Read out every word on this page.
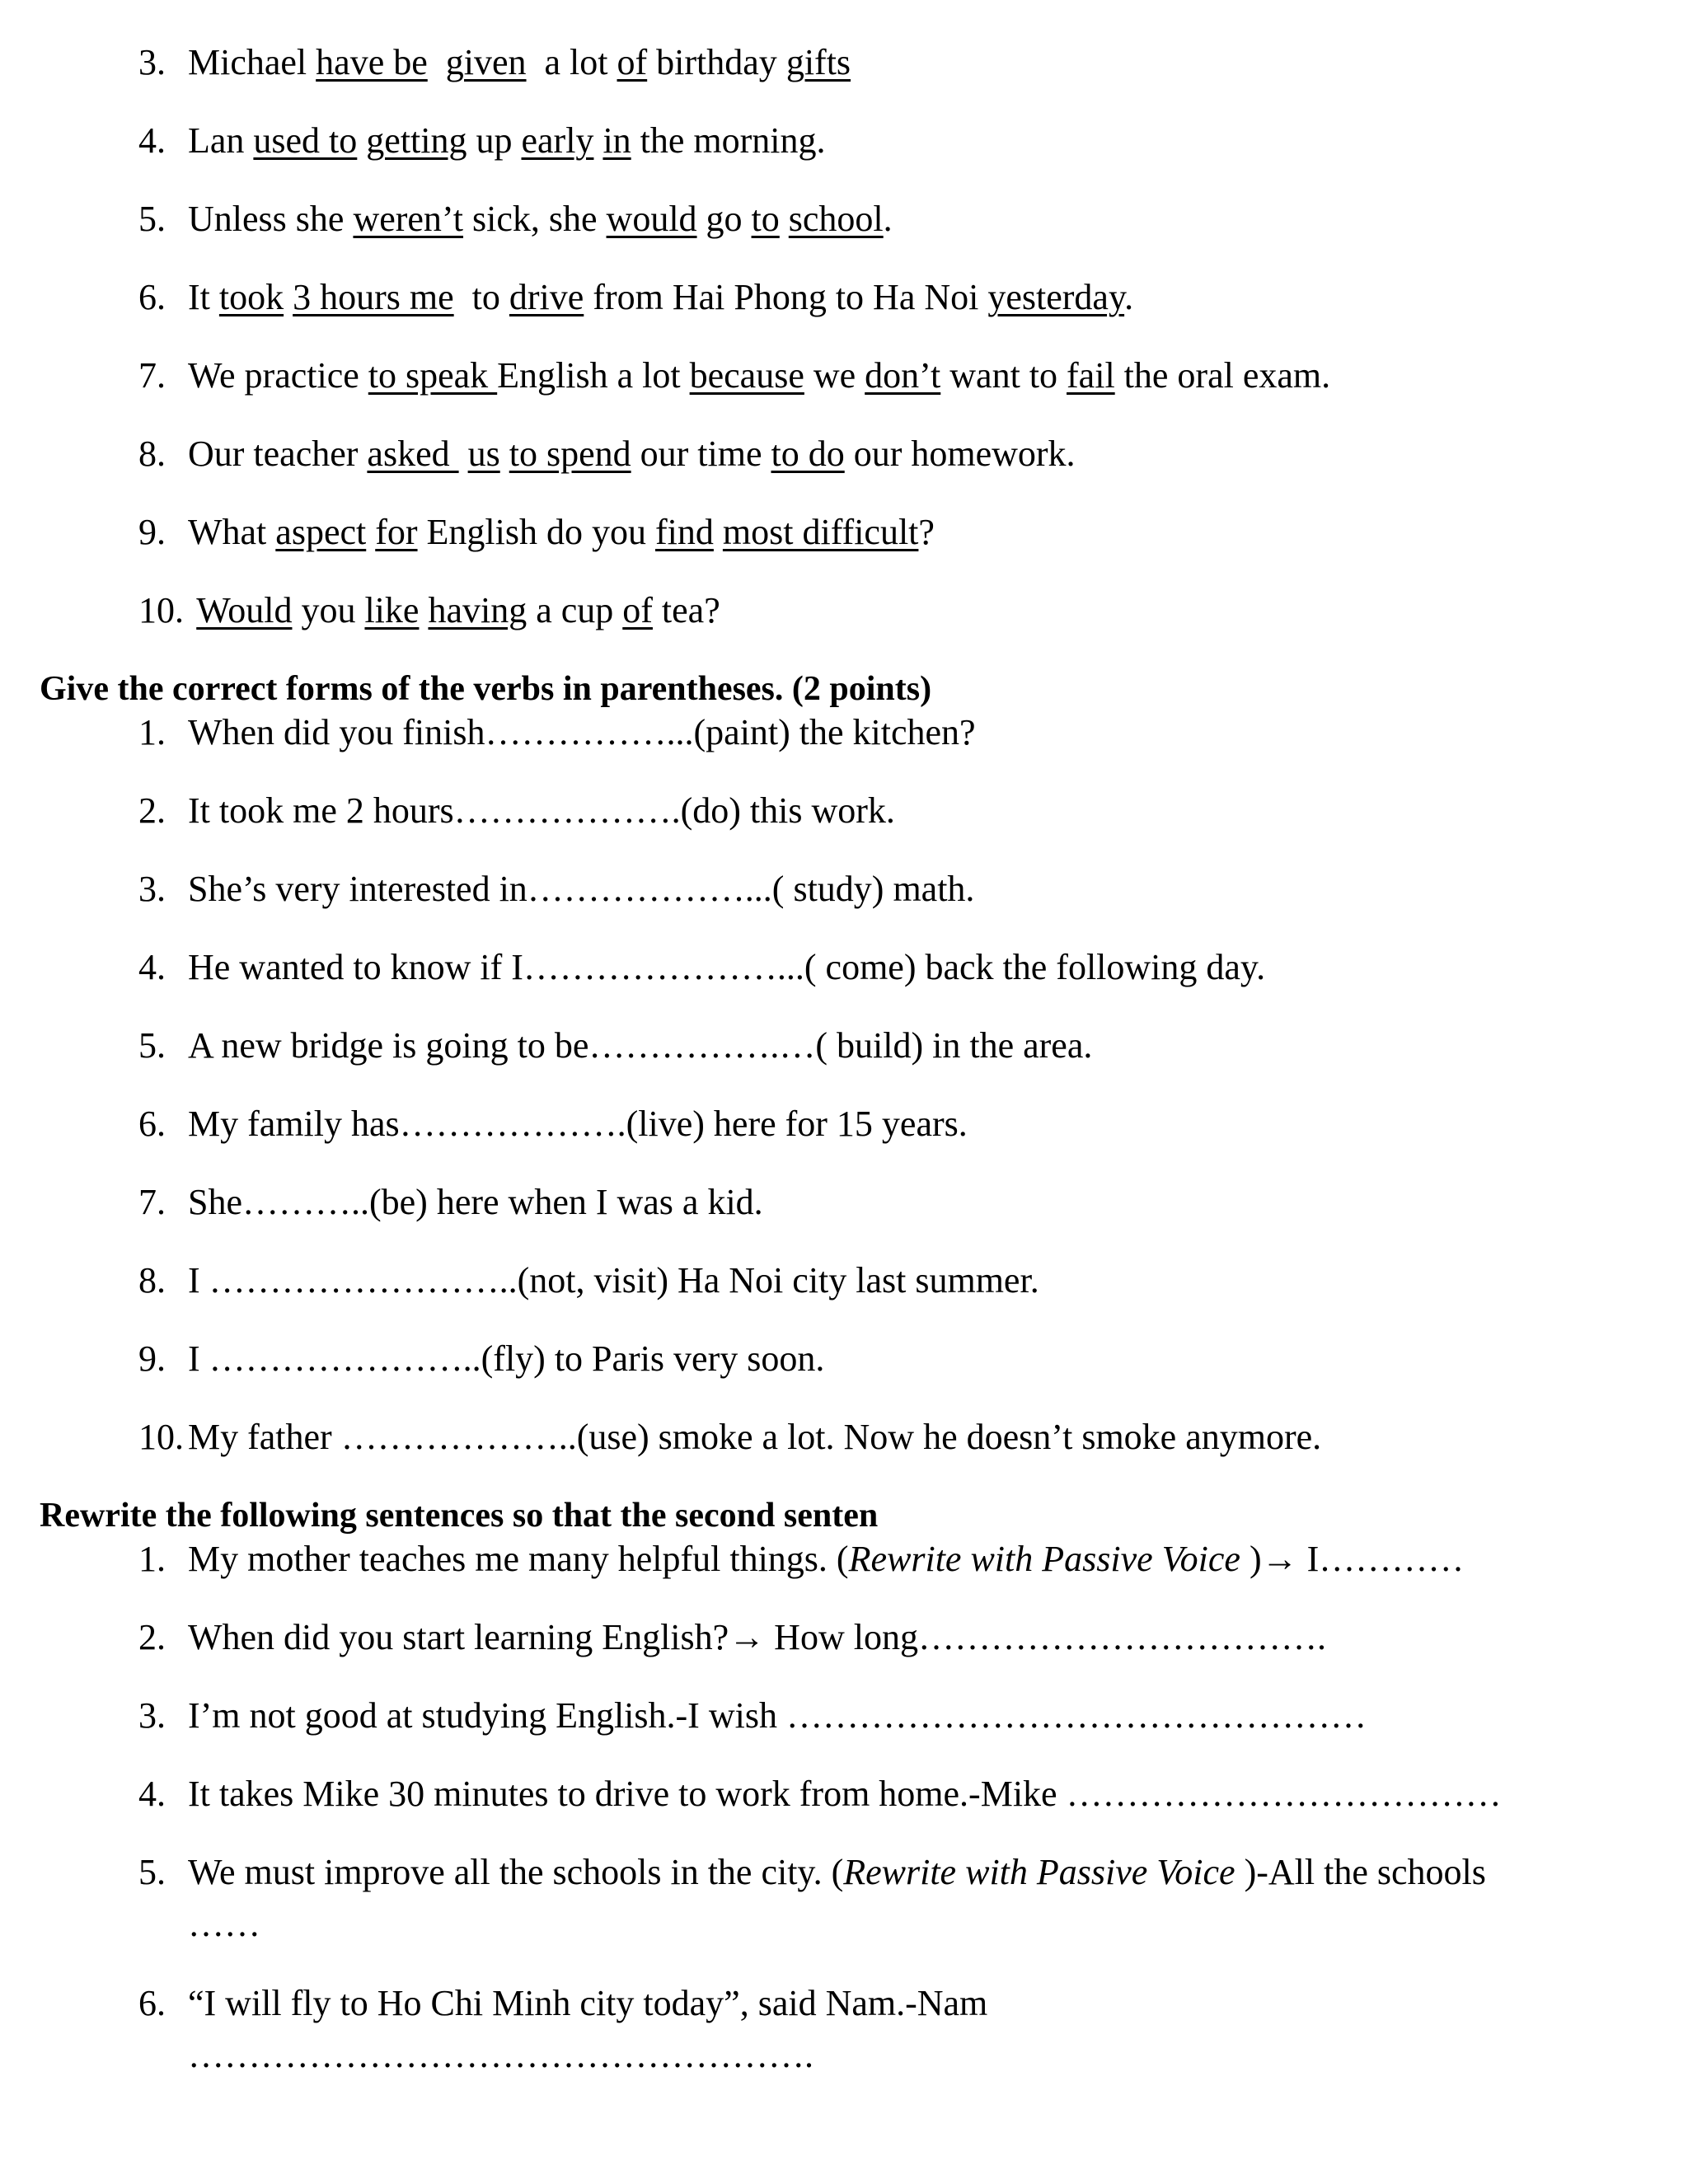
3. Michael have be given  a lot of birthday gifts
4. Lan used to getting up early in the morning.
5. Unless she weren’t sick, she would go to school.
6. It took 3 hours me  to drive from Hai Phong to Ha Noi yesterday.
7. We practice to speak English a lot because we don’t want to fail the oral exam.
8. Our teacher asked  us to spend our time to do our homework.
9. What aspect for English do you find most difficult?
10. Would you like having a cup of tea?
Give the correct forms of the verbs in parentheses. (2 points)
1. When did you finish……………...(paint) the kitchen?
2. It took me 2 hours……………….(do) this work.
3. She’s very interested in………………...( study) math.
4. He wanted to know if I…………………...( come) back the following day.
5. A new bridge is going to be…………….…( build) in the area.
6. My family has……………….(live) here for 15 years.
7. She………..(be) here when I was a kid.
8. I ……………………..(not, visit) Ha Noi city last summer.
9. I …………………..(fly) to Paris very soon.
10. My father ………………..(use) smoke a lot. Now he doesn’t smoke anymore.
Rewrite the following sentences so that the second senten
1. My mother teaches me many helpful things. (Rewrite with Passive Voice )→ I…………
2. When did you start learning English?→ How long…………………………….
3. I’m not good at studying English.-I wish …………………………………………
4. It takes Mike 30 minutes to drive to work from home.-Mike ………………………………
5. We must improve all the schools in the city. (Rewrite with Passive Voice )-All the schools
……
6. “I will fly to Ho Chi Minh city today”, said Nam.-Nam
…………………………………………….
